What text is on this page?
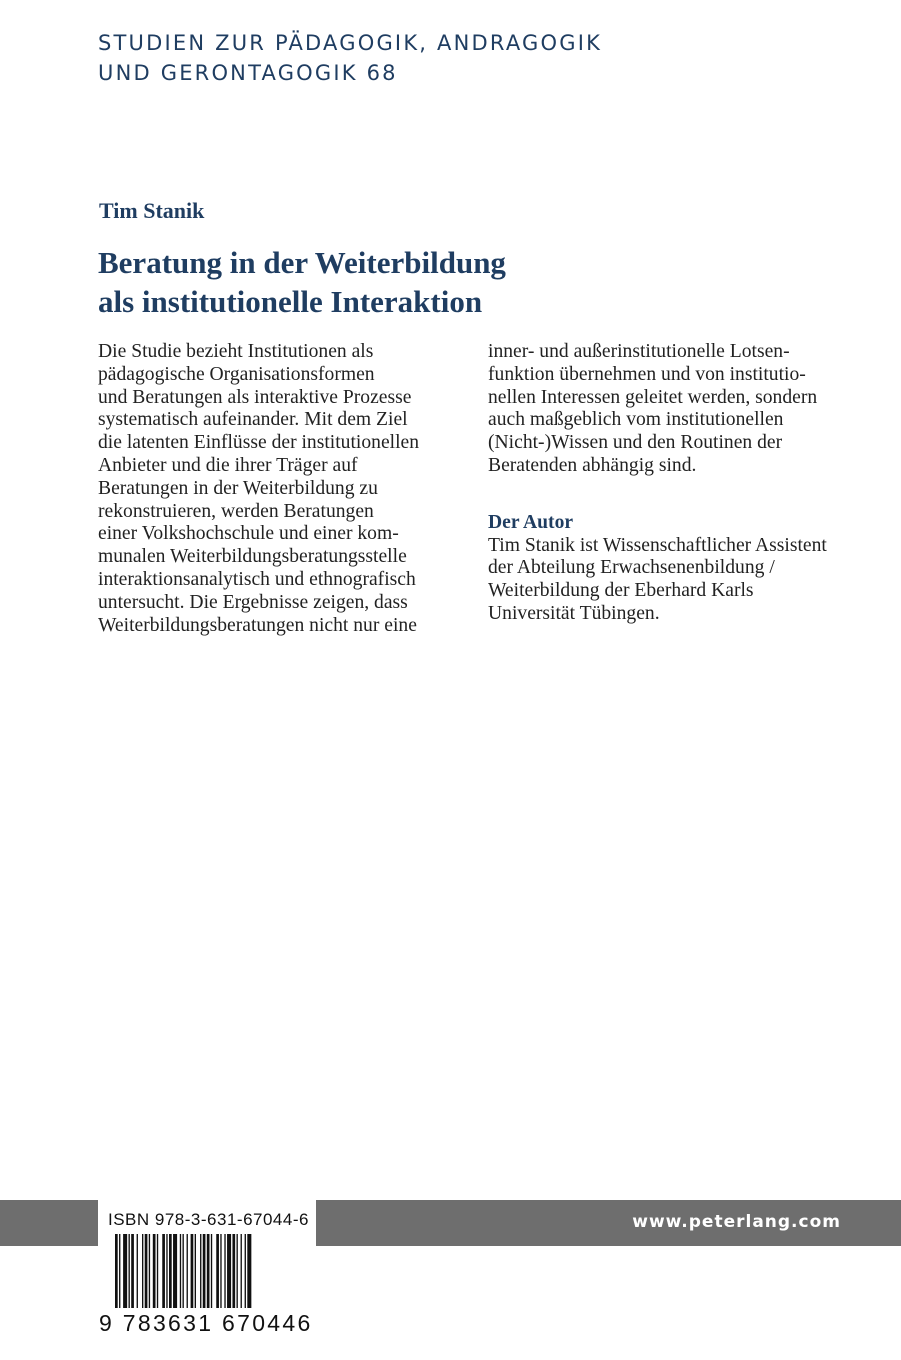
STUDIEN ZUR PÄDAGOGIK, ANDRAGOGIK
UND GERONTAGOGIK 68
Tim Stanik
Beratung in der Weiterbildung
als institutionelle Interaktion
Die Studie bezieht Institutionen als
pädagogische Organisationsformen
und Beratungen als interaktive Prozesse
systematisch aufeinander. Mit dem Ziel
die latenten Einflüsse der institutionellen
Anbieter und die ihrer Träger auf
Beratungen in der Weiterbildung zu
rekonstruieren, werden Beratungen
einer Volkshochschule und einer kom-
munalen Weiterbildungsberatungsstelle
interaktionsanalytisch und ethnografisch
untersucht. Die Ergebnisse zeigen, dass
Weiterbildungsberatungen nicht nur eine
inner- und außerinstitutionelle Lotsen-
funktion übernehmen und von institutio-
nellen Interessen geleitet werden, sondern
auch maßgeblich vom institutionellen
(Nicht-)Wissen und den Routinen der
Beratenden abhängig sind.
Der Autor
Tim Stanik ist Wissenschaftlicher Assistent
der Abteilung Erwachsenenbildung /
Weiterbildung der Eberhard Karls
Universität Tübingen.
ISBN 978-3-631-67044-6
9 783631 670446
www.peterlang.com
